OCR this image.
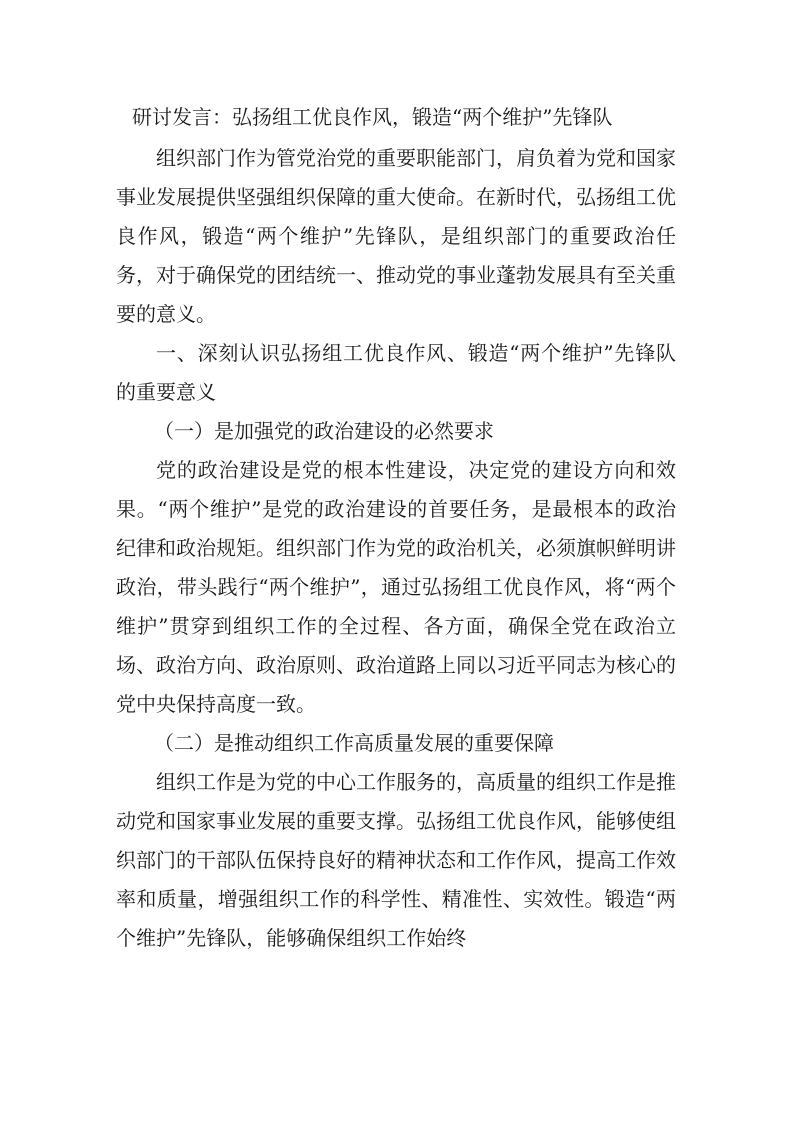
研讨发言：弘扬组工优良作风，锻造“两个维护”先锋队

组织部门作为管党治党的重要职能部门，肩负着为党和国家事业发展提供坚强组织保障的重大使命。在新时代，弘扬组工优良作风，锻造“两个维护”先锋队，是组织部门的重要政治任务，对于确保党的团结统一、推动党的事业蓬勃发展具有至关重要的意义。

一、深刻认识弘扬组工优良作风、锻造“两个维护”先锋队的重要意义

（一）是加强党的政治建设的必然要求

党的政治建设是党的根本性建设，决定党的建设方向和效果。“两个维护”是党的政治建设的首要任务，是最根本的政治纪律和政治规矩。组织部门作为党的政治机关，必须旗帜鲜明讲政治，带头践行“两个维护”，通过弘扬组工优良作风，将“两个维护”贯穿到组织工作的全过程、各方面，确保全党在政治立场、政治方向、政治原则、政治道路上同以习近平同志为核心的党中央保持高度一致。

（二）是推动组织工作高质量发展的重要保障

组织工作是为党的中心工作服务的，高质量的组织工作是推动党和国家事业发展的重要支撑。弘扬组工优良作风，能够使组织部门的干部队伍保持良好的精神状态和工作作风，提高工作效率和质量，增强组织工作的科学性、精准性、实效性。锻造“两个维护”先锋队，能够确保组织工作始终
